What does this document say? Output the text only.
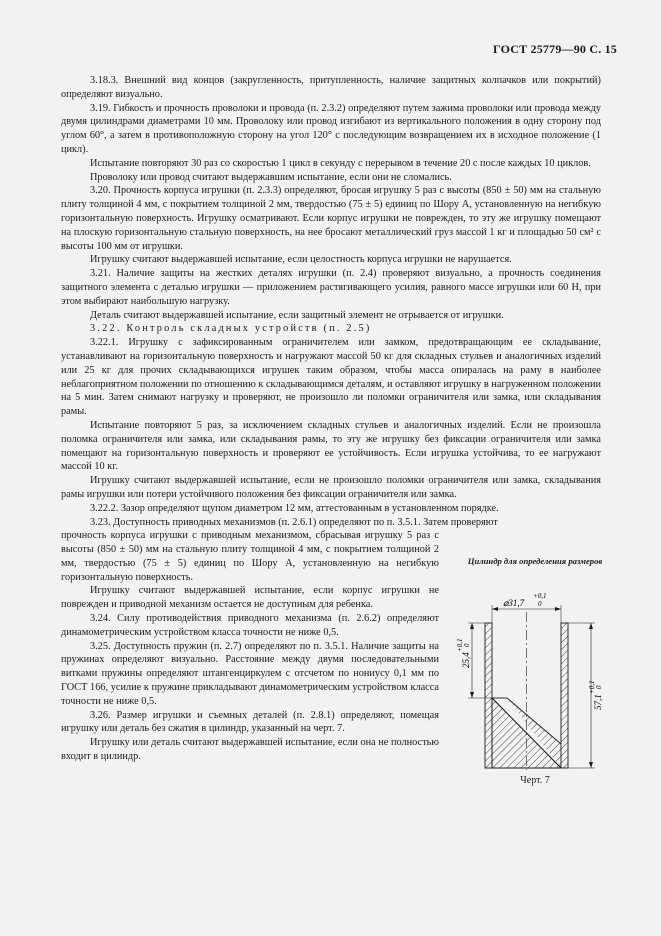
ГОСТ 25779—90 С. 15

3.18.3. Внешний вид концов (закругленность, притупленность, наличие защитных колпачков или покрытий) определяют визуально.

3.19. Гибкость и прочность проволоки и провода (п. 2.3.2) определяют путем зажима проволоки или провода между двумя цилиндрами диаметрами 10 мм. Проволоку или провод изгибают из вертикального положения в одну сторону под углом 60°, а затем в противоположную сторону на угол 120° с последующим возвращением их в исходное положение (1 цикл).

Испытание повторяют 30 раз со скоростью 1 цикл в секунду с перерывом в течение 20 с после каждых 10 циклов.

Проволоку или провод считают выдержавшим испытание, если они не сломались.

3.20. Прочность корпуса игрушки (п. 2.3.3) определяют, бросая игрушку 5 раз с высоты (850 ± 50) мм на стальную плиту толщиной 4 мм, с покрытием толщиной 2 мм, твердостью (75 ± 5) единиц по Шору А, установленную на негибкую горизонтальную поверхность. Игрушку осматривают. Если корпус игрушки не поврежден, то эту же игрушку помещают на плоскую горизонтальную стальную поверхность, на нее бросают металлический груз массой 1 кг и площадью 50 см² с высоты 100 мм от игрушки.

Игрушку считают выдержавшей испытание, если целостность корпуса игрушки не нарушается.

3.21. Наличие защиты на жестких деталях игрушки (п. 2.4) проверяют визуально, а прочность соединения защитного элемента с деталью игрушки — приложением растягивающего усилия, равного массе игрушки или 60 Н, при этом выбирают наибольшую нагрузку.

Деталь считают выдержавшей испытание, если защитный элемент не отрывается от игрушки.

3.22. Контроль складных устройств (п. 2.5)

3.22.1. Игрушку с зафиксированным ограничителем или замком, предотвращающим ее складывание, устанавливают на горизонтальную поверхность и нагружают массой 50 кг для складных стульев и аналогичных изделий или 25 кг для прочих складывающихся игрушек таким образом, чтобы масса опиралась на раму в наиболее неблагоприятном положении по отношению к складывающимся деталям, и оставляют игрушку в нагруженном положении на 5 мин. Затем снимают нагрузку и проверяют, не произошло ли поломки ограничителя или замка, или складывания рамы.

Испытание повторяют 5 раз, за исключением складных стульев и аналогичных изделий. Если не произошла поломка ограничителя или замка, или складывания рамы, то эту же игрушку без фиксации ограничителя или замка помещают на горизонтальную поверхность и проверяют ее устойчивость. Если игрушка устойчива, то ее нагружают массой 10 кг.

Игрушку считают выдержавшей испытание, если не произошло поломки ограничителя или замка, складывания рамы игрушки или потери устойчивого положения без фиксации ограничителя или замка.

3.22.2. Зазор определяют щупом диаметром 12 мм, аттестованным в установленном порядке.

3.23. Доступность приводных механизмов (п. 2.6.1) определяют по п. 3.5.1. Затем проверяют

прочность корпуса игрушки с приводным механизмом, сбрасывая игрушку 5 раз с высоты (850 ± 50) мм на стальную плиту толщиной 4 мм, с покрытием толщиной 2 мм, твердостью (75 ± 5) единиц по Шору А, установленную на негибкую горизонтальную поверхность.

Игрушку считают выдержавшей испытание, если корпус игрушки не поврежден и приводной механизм остается не доступным для ребенка.

3.24. Силу противодействия приводного механизма (п. 2.6.2) определяют динамометрическим устройством класса точности не ниже 0,5.

3.25. Доступность пружин (п. 2.7) определяют по п. 3.5.1. Наличие защиты на пружинах определяют визуально. Расстояние между двумя последовательными витками пружины определяют штангенциркулем с отсчетом по нониусу 0,1 мм по ГОСТ 166, усилие к пружине прикладывают динамометрическим устройством класса точности не ниже 0,5.

3.26. Размер игрушки и съемных деталей (п. 2.8.1) определяют, помещая игрушку или деталь без сжатия в цилиндр, указанный на черт. 7.

Игрушку или деталь считают выдержавшей испытание, если она не полностью входит в цилиндр.

Цилиндр для определения размеров
⌀31,7
+0,1
0
25,4
+0,1 0
57,1
+0,1 0
Черт. 7
